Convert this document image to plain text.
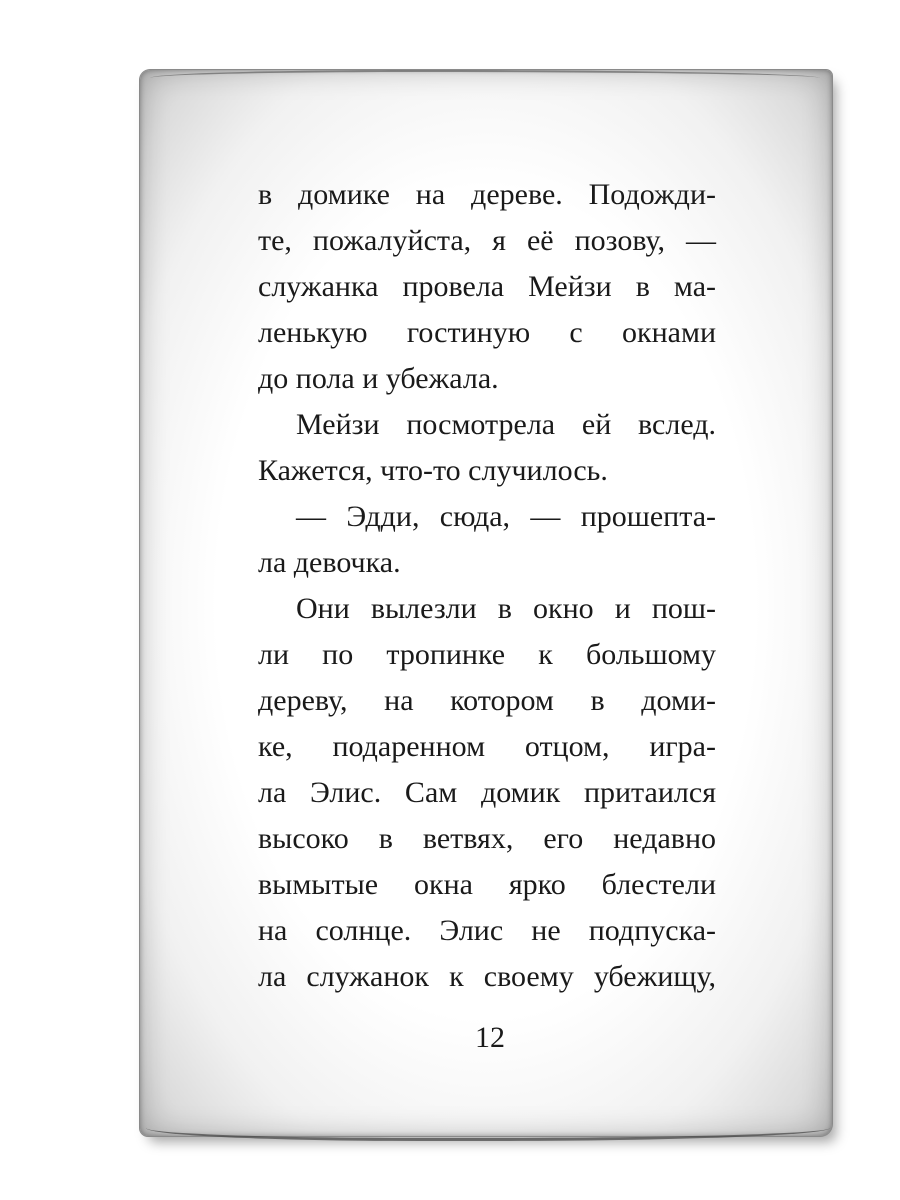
в домике на дереве. Подожди-
те, пожалуйста, я её позову, —
служанка провела Мейзи в ма-
ленькую гостиную с окнами
до пола и убежала.
Мейзи посмотрела ей вслед.
Кажется, что-то случилось.
— Эдди, сюда, — прошепта-
ла девочка.
Они вылезли в окно и пош-
ли по тропинке к большому
дереву, на котором в доми-
ке, подаренном отцом, игра-
ла Элис. Сам домик притаился
высоко в ветвях, его недавно
вымытые окна ярко блестели
на солнце. Элис не подпуска-
ла служанок к своему убежищу,
12
